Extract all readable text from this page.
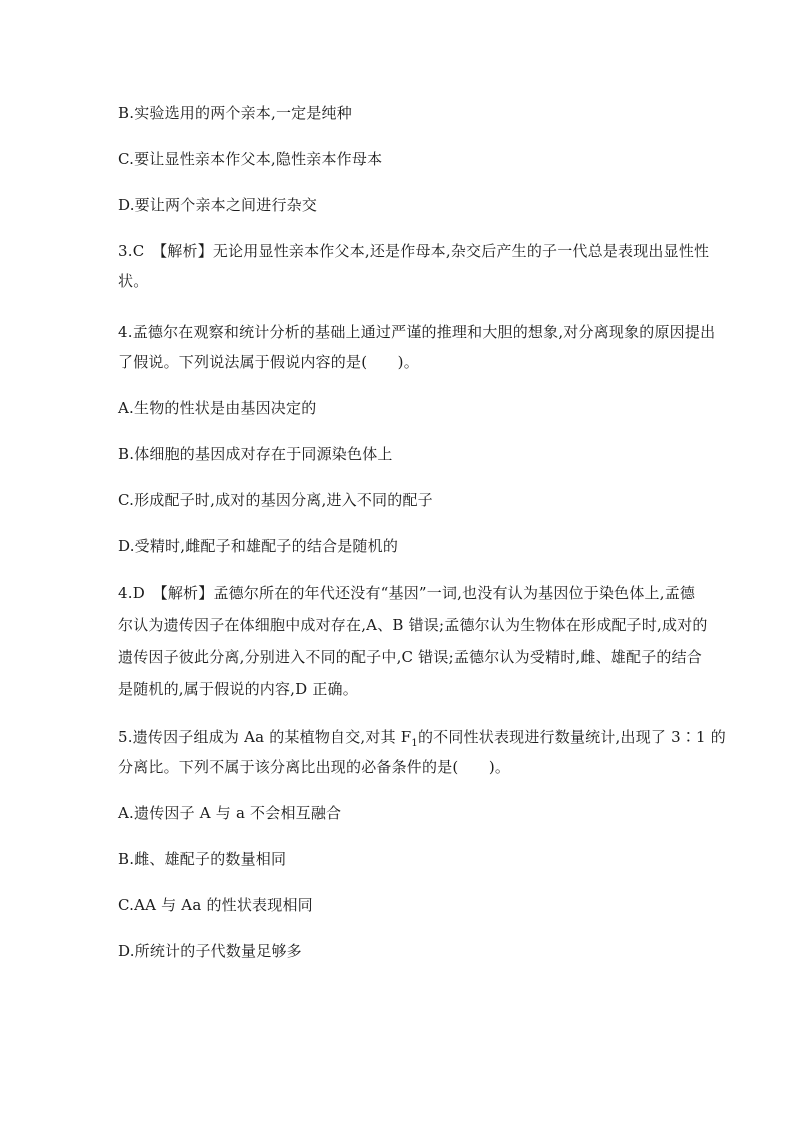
B.实验选用的两个亲本,一定是纯种
C.要让显性亲本作父本,隐性亲本作母本
D.要让两个亲本之间进行杂交
3.C　【解析】无论用显性亲本作父本,还是作母本,杂交后产生的子一代总是表现出显性性
状。
4.孟德尔在观察和统计分析的基础上通过严谨的推理和大胆的想象,对分离现象的原因提出
了假说。下列说法属于假说内容的是(　　)。
A.生物的性状是由基因决定的
B.体细胞的基因成对存在于同源染色体上
C.形成配子时,成对的基因分离,进入不同的配子
D.受精时,雌配子和雄配子的结合是随机的
4.D　【解析】孟德尔所在的年代还没有“基因”一词,也没有认为基因位于染色体上,孟德
尔认为遗传因子在体细胞中成对存在,A、B 错误;孟德尔认为生物体在形成配子时,成对的
遗传因子彼此分离,分别进入不同的配子中,C 错误;孟德尔认为受精时,雌、雄配子的结合
是随机的,属于假说的内容,D 正确。
5.遗传因子组成为 Aa 的某植物自交,对其 $F_1$的不同性状表现进行数量统计,出现了 3∶1 的
分离比。下列不属于该分离比出现的必备条件的是(　　)。
A.遗传因子 A 与 a 不会相互融合
B.雌、雄配子的数量相同
C.AA 与 Aa 的性状表现相同
D.所统计的子代数量足够多
